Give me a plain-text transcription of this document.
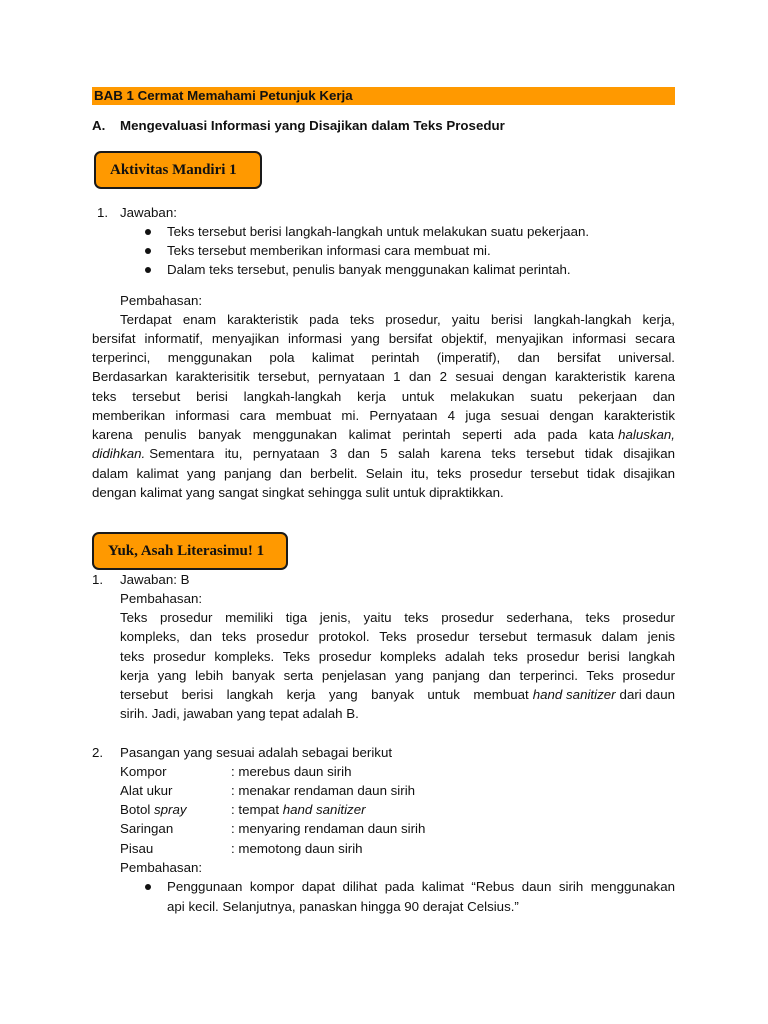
BAB 1 Cermat Memahami Petunjuk Kerja
A. Mengevaluasi Informasi yang Disajikan dalam Teks Prosedur
Aktivitas Mandiri 1
1. Jawaban:
Teks tersebut berisi langkah-langkah untuk melakukan suatu pekerjaan.
Teks tersebut memberikan informasi cara membuat mi.
Dalam teks tersebut, penulis banyak menggunakan kalimat perintah.
Pembahasan:
Terdapat enam karakteristik pada teks prosedur, yaitu berisi langkah-langkah kerja,
bersifat informatif, menyajikan informasi yang bersifat objektif, menyajikan informasi secara
terperinci, menggunakan pola kalimat perintah (imperatif), dan bersifat universal.
Berdasarkan karakterisitik tersebut, pernyataan 1 dan 2 sesuai dengan karakteristik karena
teks tersebut berisi langkah-langkah kerja untuk melakukan suatu pekerjaan dan
memberikan informasi cara membuat mi. Pernyataan 4 juga sesuai dengan karakteristik
karena penulis banyak menggunakan kalimat perintah seperti ada pada kata haluskan,
didihkan. Sementara itu, pernyataan 3 dan 5 salah karena teks tersebut tidak disajikan
dalam kalimat yang panjang dan berbelit. Selain itu, teks prosedur tersebut tidak disajikan
dengan kalimat yang sangat singkat sehingga sulit untuk dipraktikkan.
Yuk, Asah Literasimu! 1
1. Jawaban: B
Pembahasan:
Teks prosedur memiliki tiga jenis, yaitu teks prosedur sederhana, teks prosedur
kompleks, dan teks prosedur protokol. Teks prosedur tersebut termasuk dalam jenis
teks prosedur kompleks. Teks prosedur kompleks adalah teks prosedur berisi langkah
kerja yang lebih banyak serta penjelasan yang panjang dan terperinci. Teks prosedur
tersebut berisi langkah kerja yang banyak untuk membuat hand sanitizer dari daun
sirih. Jadi, jawaban yang tepat adalah B.
2. Pasangan yang sesuai adalah sebagai berikut
Kompor	: merebus daun sirih
Alat ukur	: menakar rendaman daun sirih
Botol spray	: tempat hand sanitizer
Saringan	: menyaring rendaman daun sirih
Pisau	: memotong daun sirih
Pembahasan:
Penggunaan kompor dapat dilihat pada kalimat “Rebus daun sirih menggunakan
api kecil. Selanjutnya, panaskan hingga 90 derajat Celsius.”
